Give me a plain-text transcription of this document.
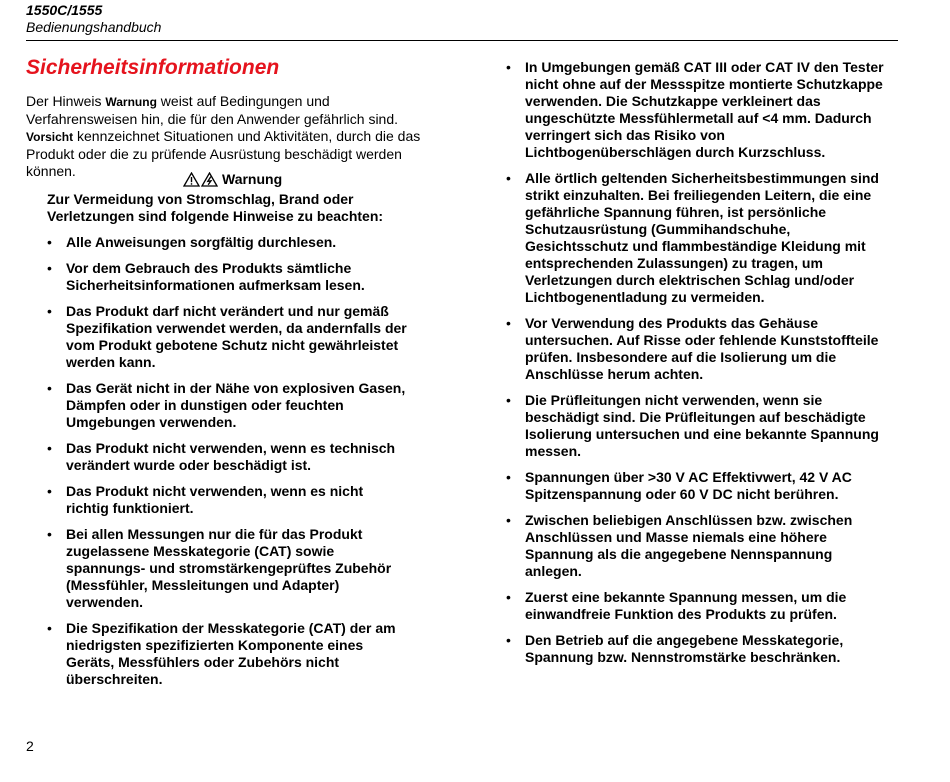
1550C/1555
Bedienungshandbuch
Sicherheitsinformationen

Der Hinweis Warnung weist auf Bedingungen und Verfahrensweisen hin, die für den Anwender gefährlich sind. Vorsicht kennzeichnet Situationen und Aktivitäten, durch die das Produkt oder die zu prüfende Ausrüstung beschädigt werden können.	Warnung

Zur Vermeidung von Stromschlag, Brand oder Verletzungen sind folgende Hinweise zu beachten:

• Alle Anweisungen sorgfältig durchlesen.
• Vor dem Gebrauch des Produkts sämtliche Sicherheitsinformationen aufmerksam lesen.
• Das Produkt darf nicht verändert und nur gemäß Spezifikation verwendet werden, da andernfalls der vom Produkt gebotene Schutz nicht gewährleistet werden kann.
• Das Gerät nicht in der Nähe von explosiven Gasen, Dämpfen oder in dunstigen oder feuchten Umgebungen verwenden.
• Das Produkt nicht verwenden, wenn es technisch verändert wurde oder beschädigt ist.
• Das Produkt nicht verwenden, wenn es nicht richtig funktioniert.
• Bei allen Messungen nur die für das Produkt zugelassene Messkategorie (CAT) sowie spannungs- und stromstärkengeprüftes Zubehör (Messfühler, Messleitungen und Adapter) verwenden.
• Die Spezifikation der Messkategorie (CAT) der am niedrigsten spezifizierten Komponente eines Geräts, Messfühlers oder Zubehörs nicht überschreiten.
• In Umgebungen gemäß CAT III oder CAT IV den Tester nicht ohne auf der Messspitze montierte Schutzkappe verwenden. Die Schutzkappe verkleinert das ungeschützte Messfühlermetall auf <4 mm. Dadurch verringert sich das Risiko von Lichtbogenüberschlägen durch Kurzschluss.
• Alle örtlich geltenden Sicherheitsbestimmungen sind strikt einzuhalten. Bei freiliegenden Leitern, die eine gefährliche Spannung führen, ist persönliche Schutzausrüstung (Gummihandschuhe, Gesichtsschutz und flammbeständige Kleidung mit entsprechenden Zulassungen) zu tragen, um Verletzungen durch elektrischen Schlag und/oder Lichtbogenentladung zu vermeiden.
• Vor Verwendung des Produkts das Gehäuse untersuchen. Auf Risse oder fehlende Kunststoffteile prüfen. Insbesondere auf die Isolierung um die Anschlüsse herum achten.
• Die Prüfleitungen nicht verwenden, wenn sie beschädigt sind. Die Prüfleitungen auf beschädigte Isolierung untersuchen und eine bekannte Spannung messen.
• Spannungen über >30 V AC Effektivwert, 42 V AC Spitzenspannung oder 60 V DC nicht berühren.
• Zwischen beliebigen Anschlüssen bzw. zwischen Anschlüssen und Masse niemals eine höhere Spannung als die angegebene Nennspannung anlegen.
• Zuerst eine bekannte Spannung messen, um die einwandfreie Funktion des Produkts zu prüfen.
• Den Betrieb auf die angegebene Messkategorie, Spannung bzw. Nennstromstärke beschränken.
2
